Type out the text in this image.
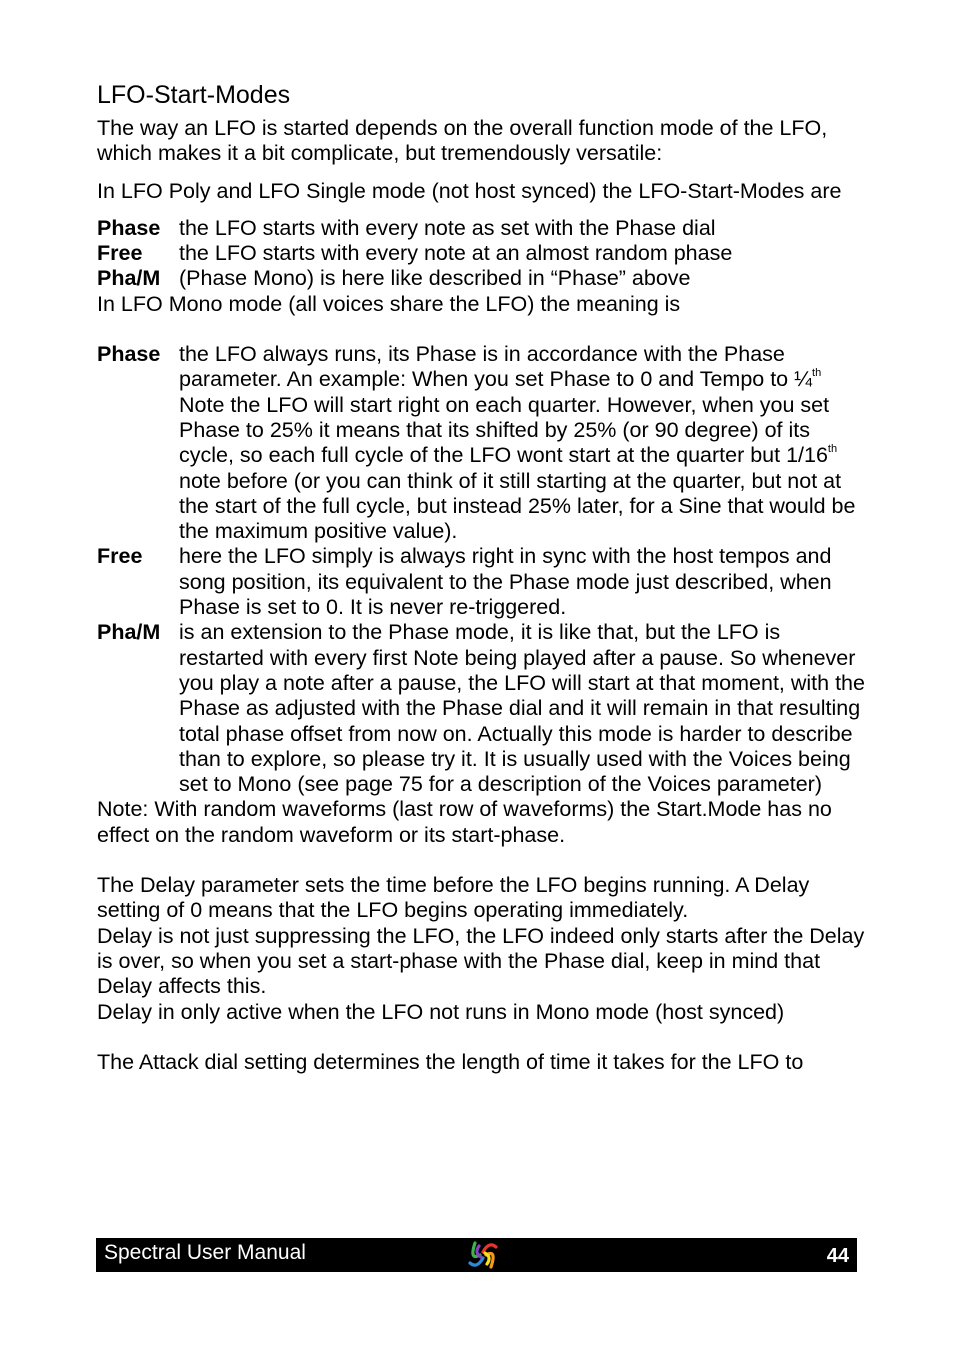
LFO-Start-Modes

The way an LFO is started depends on the overall function mode of the LFO, which makes it a bit complicate, but tremendously versatile:

In LFO Poly and LFO Single mode (not host synced) the LFO-Start-Modes are

Phase the LFO starts with every note as set with the Phase dial
Free	the LFO starts with every note at an almost random phase
Pha/M (Phase Mono) is here like described in “Phase” above

In LFO Mono mode (all voices share the LFO) the meaning is

Phase the LFO always runs, its Phase is in accordance with the Phase parameter. An example: When you set Phase to 0 and Tempo to ¼$^{th}$ Note the LFO will start right on each quarter. However, when you set Phase to 25% it means that its shifted by 25% (or 90 degree) of its cycle, so each full cycle of the LFO wont start at the quarter but 1/16th note before (or you can think of it still starting at the quarter, but not at the start of the full cycle, but instead 25% later, for a Sine that would be the maximum positive value).
Free	here the LFO simply is always right in sync with the host tempos and song position, its equivalent to the Phase mode just described, when Phase is set to 0. It is never re-triggered.
Pha/M is an extension to the Phase mode, it is like that, but the LFO is restarted with every first Note being played after a pause. So whenever you play a note after a pause, the LFO will start at that moment, with the Phase as adjusted with the Phase dial and it will remain in that resulting total phase offset from now on. Actually this mode is harder to describe than to explore, so please try it. It is usually used with the Voices being set to Mono (see page 75 for a description of the Voices parameter)

Note: With random waveforms (last row of waveforms) the Start.Mode has no effect on the random waveform or its start-phase.

The Delay parameter sets the time before the LFO begins running. A Delay setting of 0 means that the LFO begins operating immediately.

Delay is not just suppressing the LFO, the LFO indeed only starts after the Delay is over, so when you set a start-phase with the Phase dial, keep in mind that Delay affects this.

Delay in only active when the LFO not runs in Mono mode (host synced)

The Attack dial setting determines the length of time it takes for the LFO to

Spectral User Manual	44
